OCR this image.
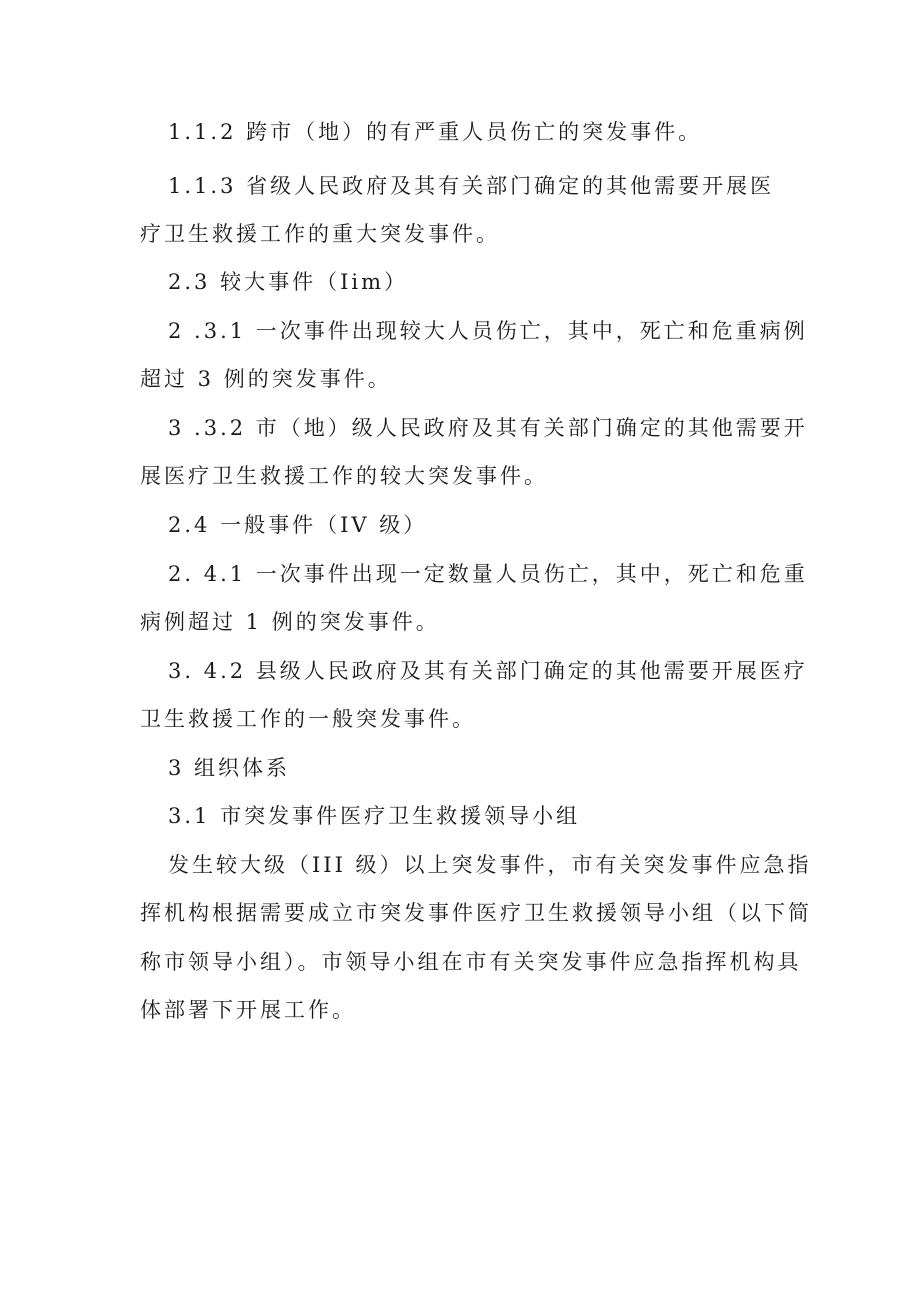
1.1.2 跨市（地）的有严重人员伤亡的突发事件。
1.1.3 省级人民政府及其有关部门确定的其他需要开展医
疗卫生救援工作的重大突发事件。
2.3 较大事件（Iim）
2 .3.1 一次事件出现较大人员伤亡，其中，死亡和危重病例
超过 3 例的突发事件。
3 .3.2 市（地）级人民政府及其有关部门确定的其他需要开
展医疗卫生救援工作的较大突发事件。
2.4 一般事件（IV 级）
2. 4.1 一次事件出现一定数量人员伤亡，其中，死亡和危重
病例超过 1 例的突发事件。
3. 4.2 县级人民政府及其有关部门确定的其他需要开展医疗
卫生救援工作的一般突发事件。
3 组织体系
3.1 市突发事件医疗卫生救援领导小组
发生较大级（III 级）以上突发事件，市有关突发事件应急指
挥机构根据需要成立市突发事件医疗卫生救援领导小组（以下简
称市领导小组）。市领导小组在市有关突发事件应急指挥机构具
体部署下开展工作。
